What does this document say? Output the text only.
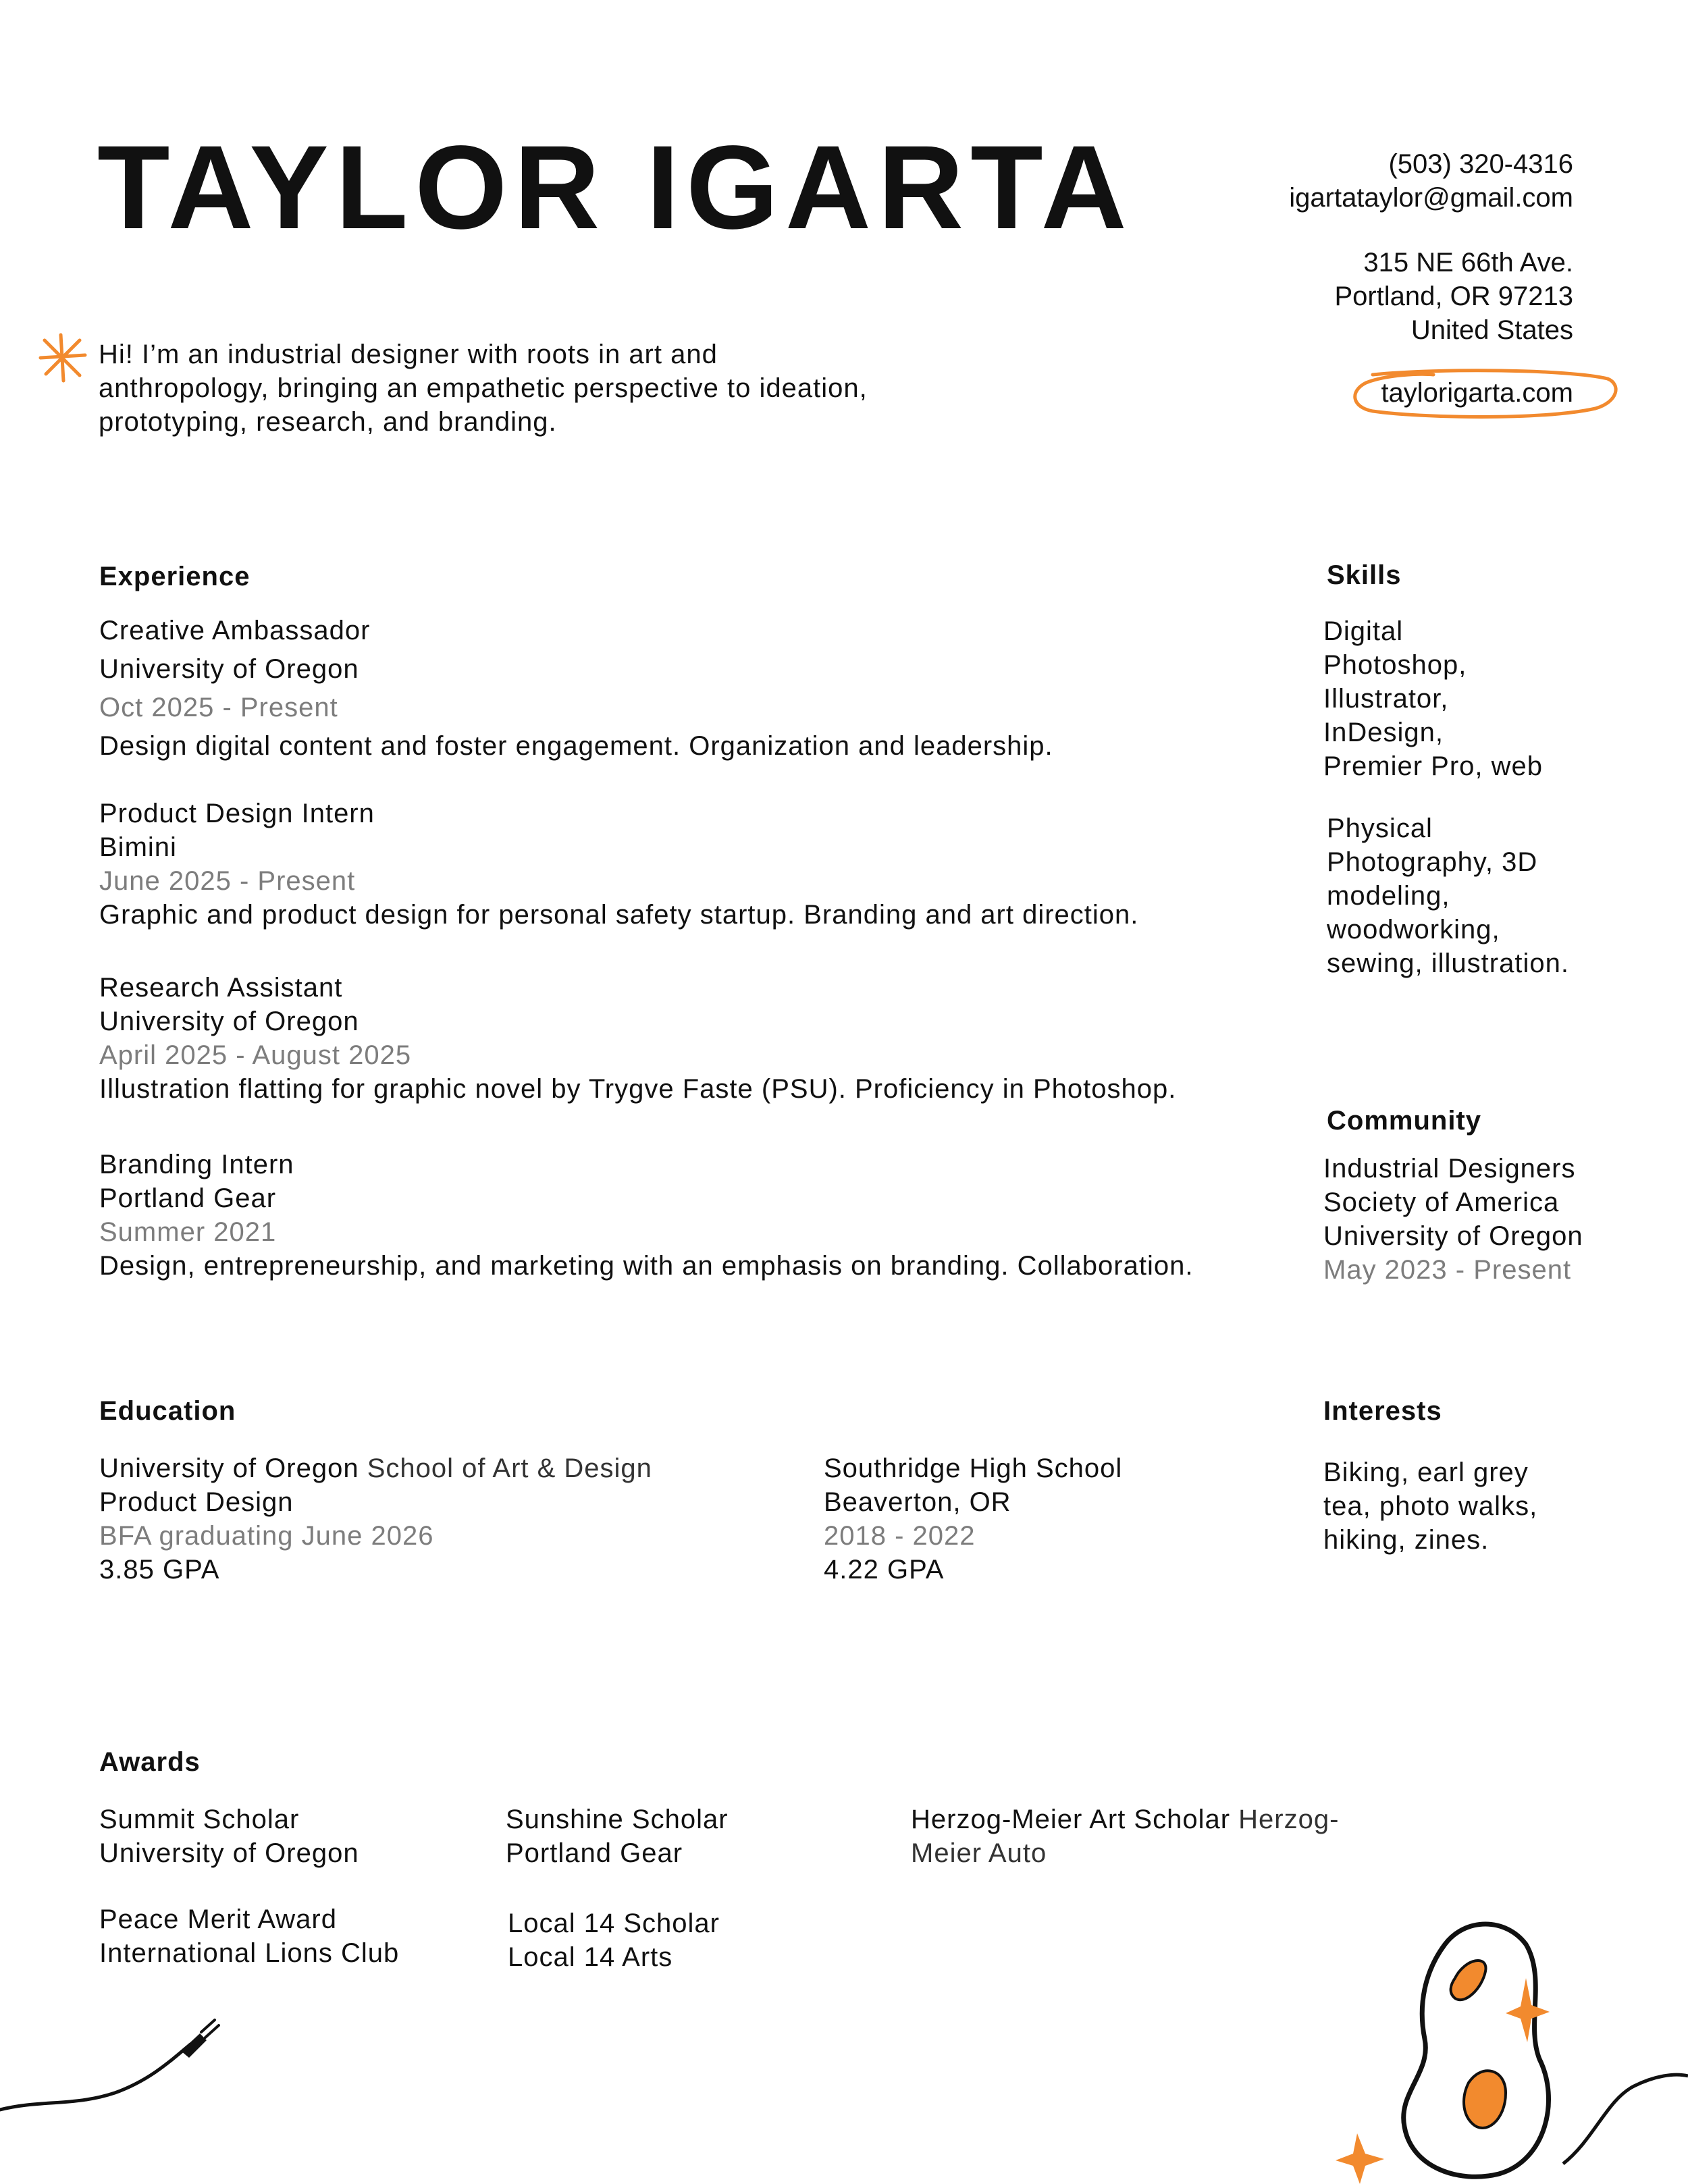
TAYLOR IGARTA	(503) 320-4316
igartataylor@gmail.com
315 NE 66th Ave.
Portland, OR 97213
United States
taylorigarta.com

Hi! I’m an industrial designer with roots in art and anthropology, bringing an empathetic perspective to ideation, prototyping, research, and branding.

Experience
Creative Ambassador
University of Oregon
Oct 2025 - Present
Design digital content and foster engagement. Organization and leadership.
Product Design Intern
Bimini
June 2025 - Present
Graphic and product design for personal safety startup. Branding and art direction.
Research Assistant
University of Oregon
April 2025 - August 2025
Illustration flatting for graphic novel by Trygve Faste (PSU). Proficiency in Photoshop.
Branding Intern
Portland Gear
Summer 2021
Design, entrepreneurship, and marketing with an emphasis on branding. Collaboration.
Skills
Digital
Photoshop,
Illustrator,
InDesign,
Premier Pro, web
Physical
Photography, 3D
modeling,
woodworking,
sewing, illustration.
Community
Industrial Designers
Society of America
University of Oregon
May 2023 - Present
Education
University of Oregon School of Art & Design
Product Design
BFA graduating June 2026
3.85 GPA
Southridge High School
Beaverton, OR
2018 - 2022
4.22 GPA
Interests
Biking, earl grey
tea, photo walks,
hiking, zines.
Awards
Summit Scholar
University of Oregon
Sunshine Scholar
Portland Gear
Herzog-Meier Art Scholar Herzog-
Meier Auto
Peace Merit Award
International Lions Club
Local 14 Scholar
Local 14 Arts
